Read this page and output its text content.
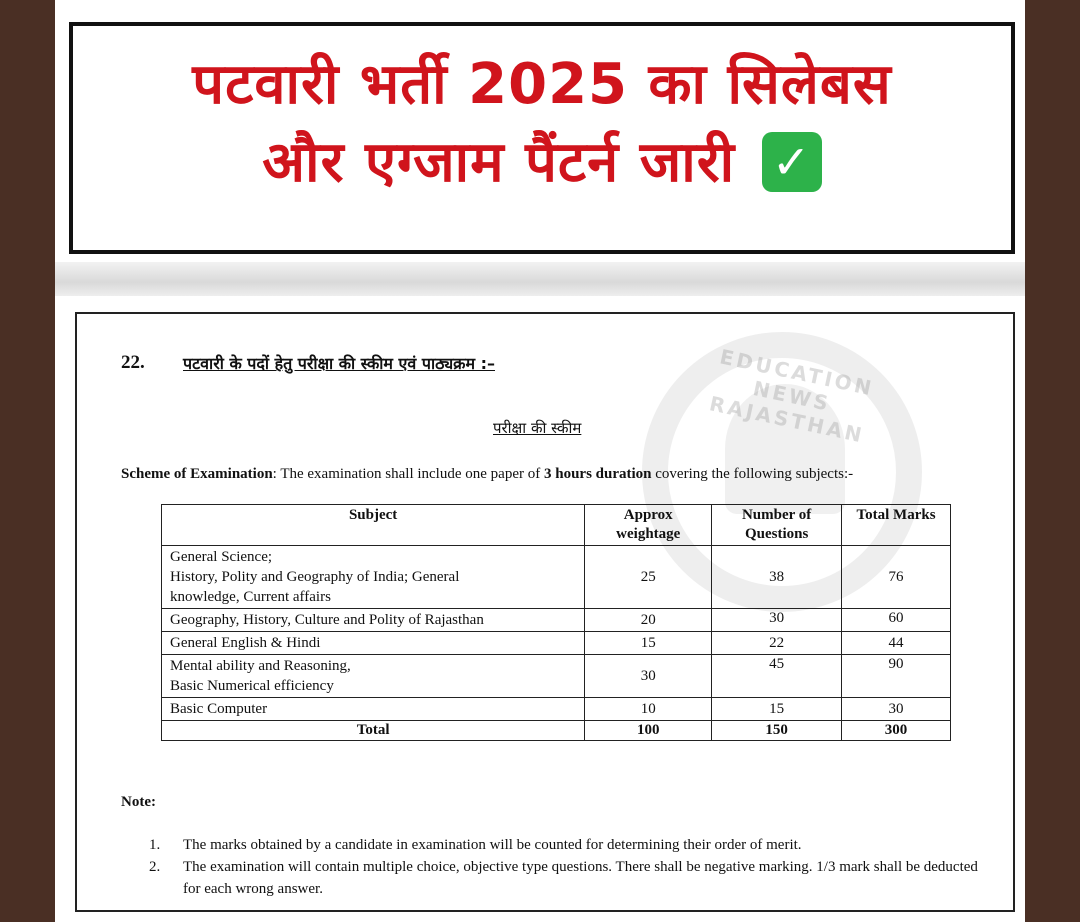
पटवारी भर्ती 2025 का सिलेबस
और एग्जाम पैंटर्न जारी ✓
EDUCATION NEWS RAJASTHAN
22. पटवारी के पदों हेतु परीक्षा की स्कीम एवं पाठ्यक्रम :–
परीक्षा की स्कीम
Scheme of Examination: The examination shall include one paper of 3 hours duration covering the following subjects:-
Subject	Approx weightage	Number of Questions	Total Marks

General Science;
History, Polity and Geography of India; General
knowledge, Current affairs	25	38	76
Geography, History, Culture and Polity of Rajasthan	20	30	60
General English & Hindi	15	22	44

Mental ability and Reasoning,
Basic Numerical efficiency	30	45	90
Basic Computer	10	15	30
Total	100	150	300
Note:
1. The marks obtained by a candidate in examination will be counted for determining their order of merit.
2. The examination will contain multiple choice, objective type questions. There shall be negative marking. 1/3 mark shall be deducted for each wrong answer.
